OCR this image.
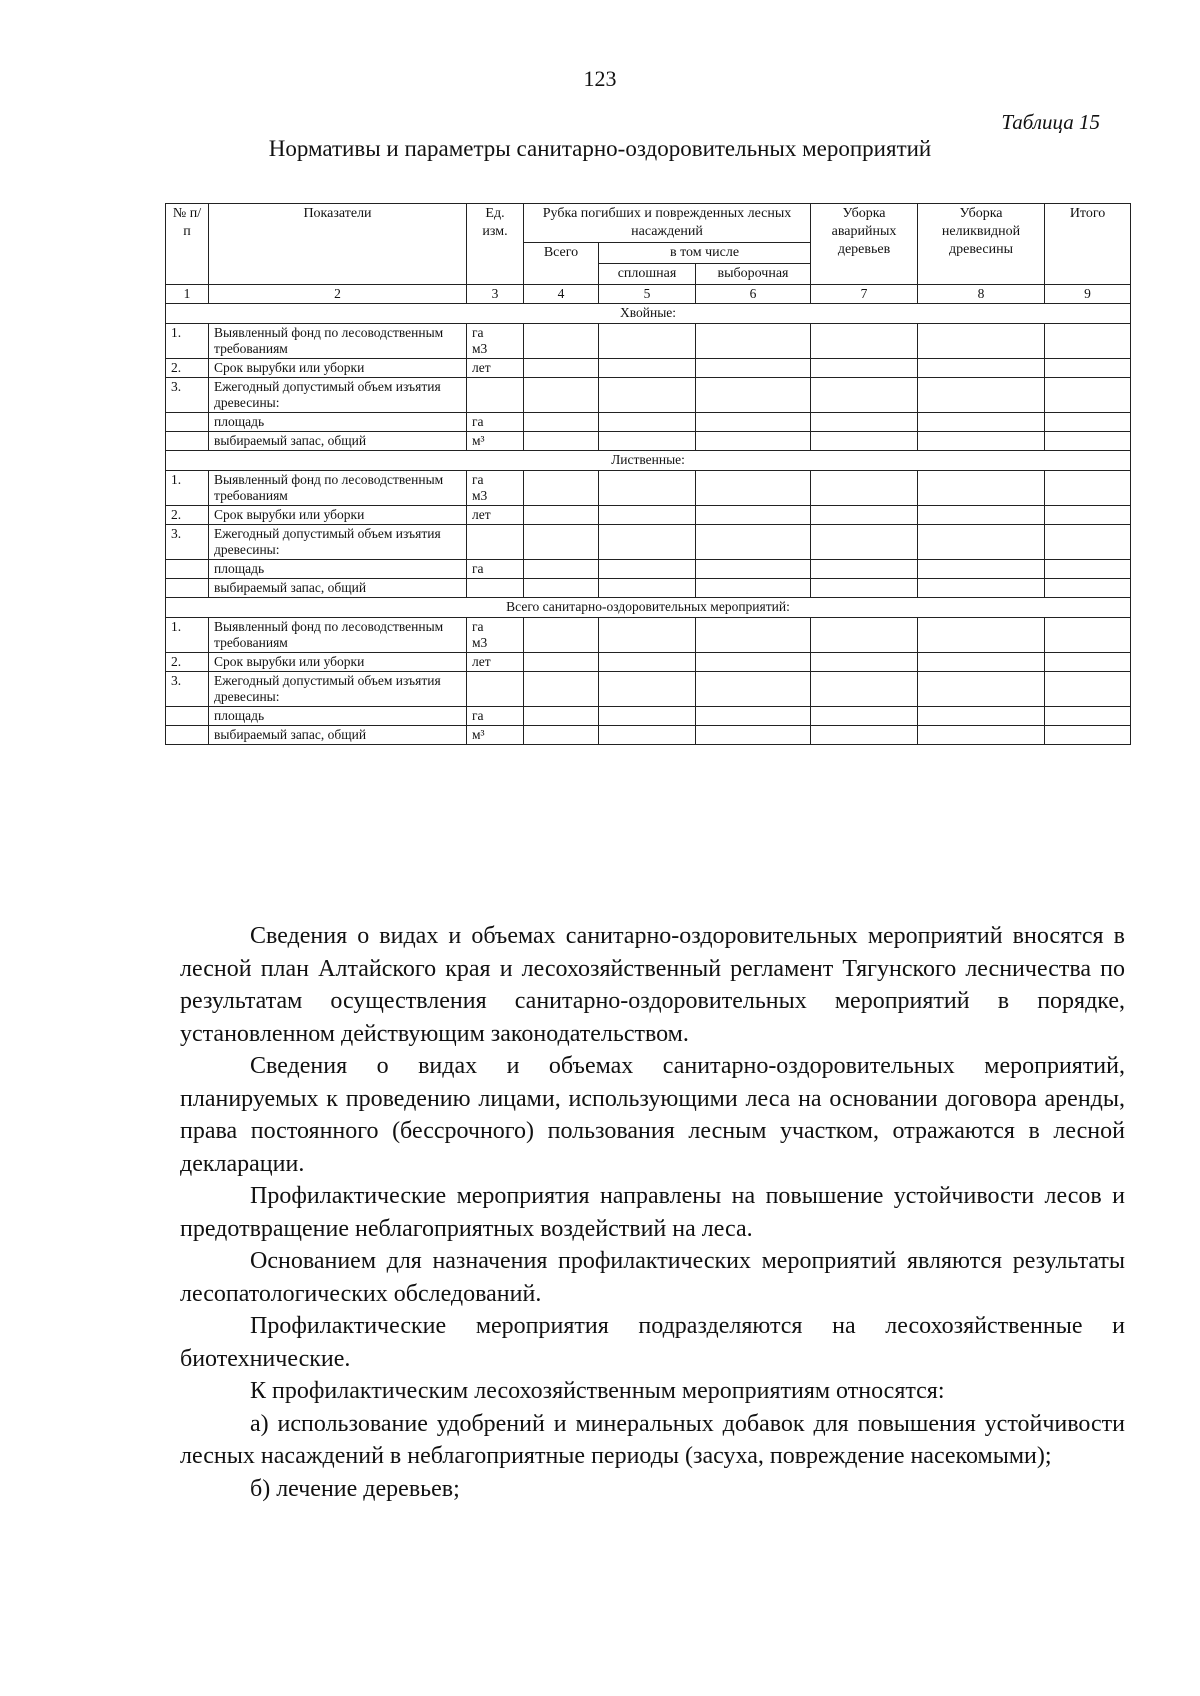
123
Таблица 15
Нормативы и параметры санитарно-оздоровительных мероприятий
№ п/п	Показатели	Ед. изм.	Рубка погибших и поврежденных лесных насаждений			Уборка аварийных деревьев	Уборка неликвидной древесины	Итого
			Всего	в том числе				
				сплошная	выборочная			
1	2	3	4	5	6	7	8	9
Хвойные:								
1.	Выявленный фонд по лесоводственным требованиям	га
м3						

2.	Срок вырубки или уборки	лет						

3.	Ежегодный допустимый объем изъятия древесины:							
	площадь	га						

	выбираемый запас, общий	м³						

Лиственные:								
1.	Выявленный фонд по лесоводственным требованиям	га
м3						

2.	Срок вырубки или уборки	лет						

3.	Ежегодный допустимый объем изъятия древесины:							
	площадь	га						

	выбираемый запас, общий							
Всего санитарно-оздоровительных мероприятий:								
1.	Выявленный фонд по лесоводственным требованиям	га
м3						

2.	Срок вырубки или уборки	лет						

3.	Ежегодный допустимый объем изъятия древесины:							
	площадь	га						

	выбираемый запас, общий	м³						

Сведения о видах и объемах санитарно-оздоровительных мероприятий вносятся в лесной план Алтайского края и лесохозяйственный регламент Тягунского лесничества по результатам осуществления санитарно-оздоровительных мероприятий в порядке, установленном действующим законодательством.

Сведения о видах и объемах санитарно-оздоровительных мероприятий, планируемых к проведению лицами, использующими леса на основании договора аренды, права постоянного (бессрочного) пользования лесным участком, отражаются в лесной декларации.

Профилактические мероприятия направлены на повышение устойчивости лесов и предотвращение неблагоприятных воздействий на леса.

Основанием для назначения профилактических мероприятий являются результаты лесопатологических обследований.

Профилактические мероприятия подразделяются на лесохозяйственные и биотехнические.

К профилактическим лесохозяйственным мероприятиям относятся:

а) использование удобрений и минеральных добавок для повышения устойчивости лесных насаждений в неблагоприятные периоды (засуха, повреждение насекомыми);

б) лечение деревьев;
